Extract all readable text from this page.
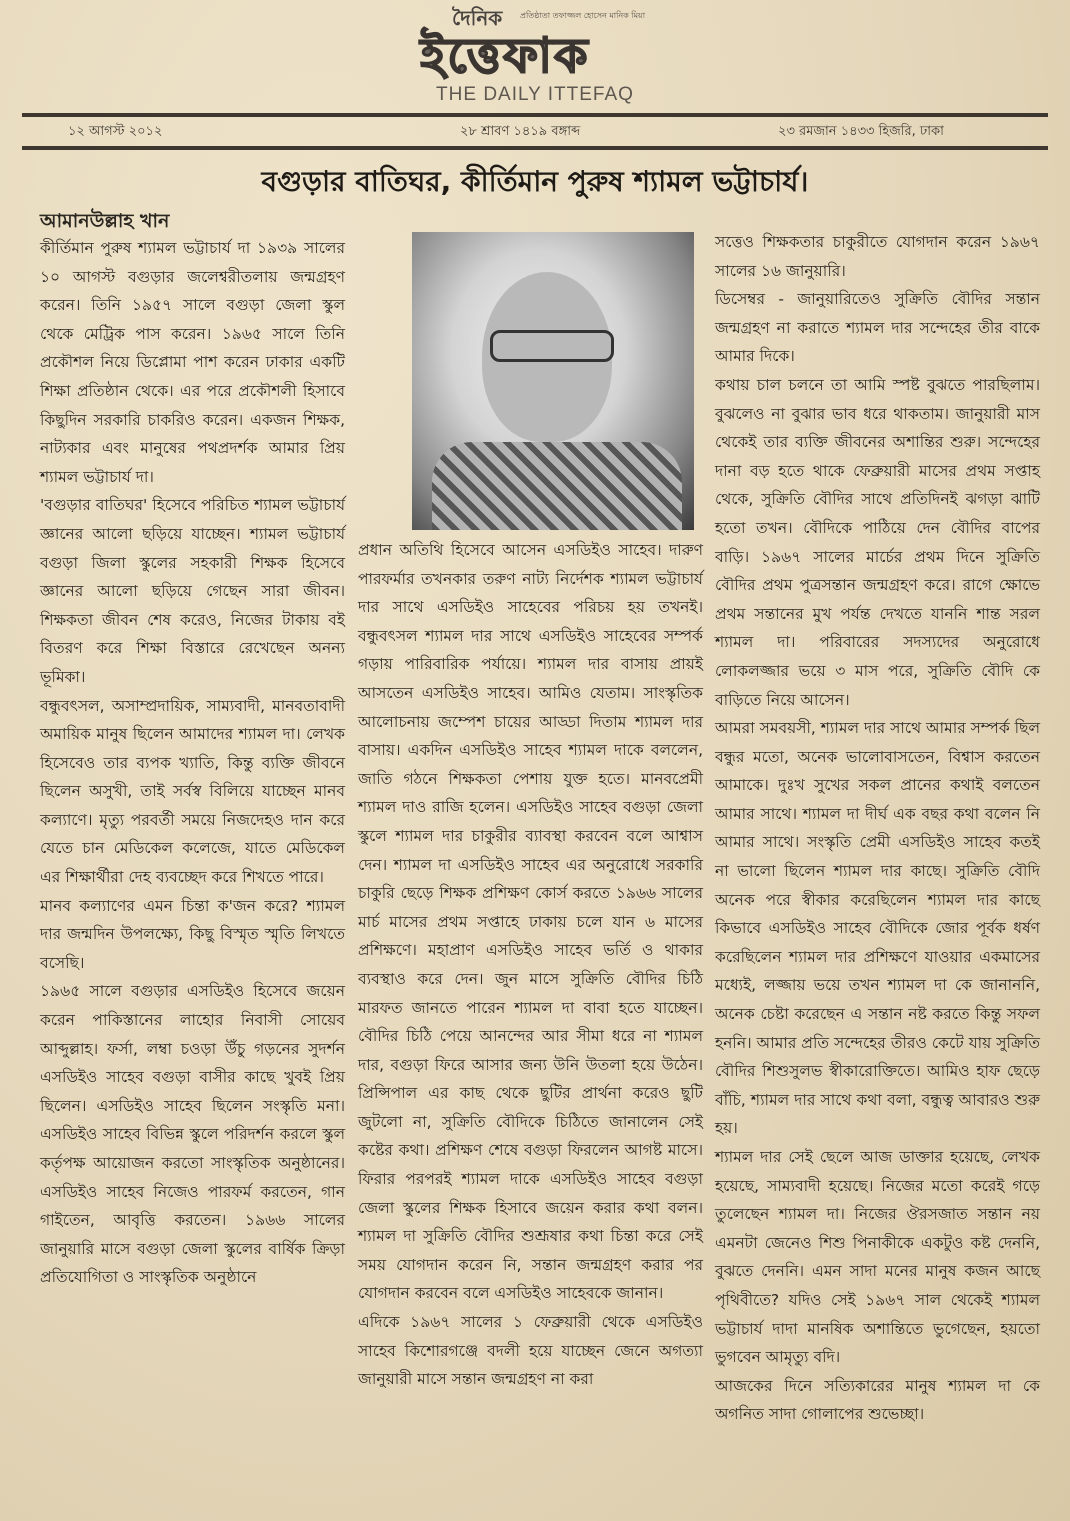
দৈনিক প্রতিষ্ঠাতা তফাজ্জল হোসেন মানিক মিয়া
ইত্তেফাক
THE DAILY ITTEFAQ
১২ আগস্ট ২০১২	২৮ শ্রাবণ ১৪১৯ বঙ্গাব্দ	২৩ রমজান ১৪৩৩ হিজরি, ঢাকা
বগুড়ার বাতিঘর, কীর্তিমান পুরুষ শ্যামল ভট্টাচার্য।

আমানউল্লাহ খান

কীর্তিমান পুরুষ শ্যামল ভট্টাচার্য দা ১৯৩৯ সালের ১০ আগস্ট বগুড়ার জলেশ্বরীতলায় জন্মগ্রহণ করেন। তিনি ১৯৫৭ সালে বগুড়া জেলা স্কুল থেকে মেট্রিক পাস করেন। ১৯৬৫ সালে তিনি প্রকৌশল নিয়ে ডিপ্লোমা পাশ করেন ঢাকার একটি শিক্ষা প্রতিষ্ঠান থেকে। এর পরে প্রকৌশলী হিসাবে কিছুদিন সরকারি চাকরিও করেন। একজন শিক্ষক, নাট্যকার এবং মানুষের পথপ্রদর্শক আমার প্রিয় শ্যামল ভট্টাচার্য দা।

'বগুড়ার বাতিঘর' হিসেবে পরিচিত শ্যামল ভট্টাচার্য জ্ঞানের আলো ছড়িয়ে যাচ্ছেন। শ্যামল ভট্টাচার্য বগুড়া জিলা স্কুলের সহকারী শিক্ষক হিসেবে জ্ঞানের আলো ছড়িয়ে গেছেন সারা জীবন। শিক্ষকতা জীবন শেষ করেও, নিজের টাকায় বই বিতরণ করে শিক্ষা বিস্তারে রেখেছেন অনন্য ভূমিকা।

বন্ধুবৎসল, অসাম্প্রদায়িক, সাম্যবাদী, মানবতাবাদী অমায়িক মানুষ ছিলেন আমাদের শ্যামল দা। লেখক হিসেবেও তার ব্যপক খ্যাতি, কিন্তু ব্যক্তি জীবনে ছিলেন অসুখী, তাই সর্বস্ব বিলিয়ে যাচ্ছেন মানব কল্যাণে। মৃত্যু পরবর্তী সময়ে নিজদেহও দান করে যেতে চান মেডিকেল কলেজে, যাতে মেডিকেল এর শিক্ষার্থীরা দেহ ব্যবচ্ছেদ করে শিখতে পারে।

মানব কল্যাণের এমন চিন্তা ক'জন করে? শ্যামল দার জন্মদিন উপলক্ষ্যে, কিছু বিস্মৃত স্মৃতি লিখতে বসেছি।

১৯৬৫ সালে বগুড়ার এসডিইও হিসেবে জয়েন করেন পাকিস্তানের লাহোর নিবাসী সোয়েব আব্দুল্লাহ। ফর্সা, লম্বা চওড়া উঁচু গড়নের সুদর্শন এসডিইও সাহেব বগুড়া বাসীর কাছে খুবই প্রিয় ছিলেন। এসডিইও সাহেব ছিলেন সংস্কৃতি মনা। এসডিইও সাহেব বিভিন্ন স্কুলে পরিদর্শন করলে স্কুল কর্তৃপক্ষ আয়োজন করতো সাংস্কৃতিক অনুষ্ঠানের। এসডিইও সাহেব নিজেও পারফর্ম করতেন, গান গাইতেন, আবৃত্তি করতেন। ১৯৬৬ সালের জানুয়ারি মাসে বগুড়া জেলা স্কুলের বার্ষিক ক্রিড়া প্রতিযোগিতা ও সাংস্কৃতিক অনুষ্ঠানে

প্রধান অতিথি হিসেবে আসেন এসডিইও সাহেব। দারুণ পারফর্মার তখনকার তরুণ নাট্য নির্দেশক শ্যামল ভট্টাচার্য দার সাথে এসডিইও সাহেবের পরিচয় হয় তখনই। বন্ধুবৎসল শ্যামল দার সাথে এসডিইও সাহেবের সম্পর্ক গড়ায় পারিবারিক পর্যায়ে। শ্যামল দার বাসায় প্রায়ই আসতেন এসডিইও সাহেব। আমিও যেতাম। সাংস্কৃতিক আলোচনায় জম্পেশ চায়ের আড্ডা দিতাম শ্যামল দার বাসায়। একদিন এসডিইও সাহেব শ্যামল দাকে বললেন, জাতি গঠনে শিক্ষকতা পেশায় যুক্ত হতে। মানবপ্রেমী শ্যামল দাও রাজি হলেন। এসডিইও সাহেব বগুড়া জেলা স্কুলে শ্যামল দার চাকুরীর ব্যাবস্থা করবেন বলে আশ্বাস দেন। শ্যামল দা এসডিইও সাহেব এর অনুরোধে সরকারি চাকুরি ছেড়ে শিক্ষক প্রশিক্ষণ কোর্স করতে ১৯৬৬ সালের মার্চ মাসের প্রথম সপ্তাহে ঢাকায় চলে যান ৬ মাসের প্রশিক্ষণে। মহাপ্রাণ এসডিইও সাহেব ভর্তি ও থাকার ব্যবস্থাও করে দেন। জুন মাসে সুক্রিতি বৌদির চিঠি মারফত জানতে পারেন শ্যামল দা বাবা হতে যাচ্ছেন।বৌদির চিঠি পেয়ে আনন্দের আর সীমা ধরে না শ্যামল দার, বগুড়া ফিরে আসার জন্য উনি উতলা হয়ে উঠেন। প্রিন্সিপাল এর কাছ থেকে ছুটির প্রার্থনা করেও ছুটি জুটলো না, সুক্রিতি বৌদিকে চিঠিতে জানালেন সেই কষ্টের কথা। প্রশিক্ষণ শেষে বগুড়া ফিরলেন আগষ্ট মাসে। ফিরার পরপরই শ্যামল দাকে এসডিইও সাহেব বগুড়া জেলা স্কুলের শিক্ষক হিসাবে জয়েন করার কথা বলন। শ্যামল দা সুক্রিতি বৌদির শুশ্রূষার কথা চিন্তা করে সেই সময় যোগদান করেন নি, সন্তান জন্মগ্রহণ করার পর যোগদান করবেন বলে এসডিইও সাহেবকে জানান।

এদিকে ১৯৬৭ সালের ১ ফেব্রুয়ারী থেকে এসডিইও সাহেব কিশোরগঞ্জে বদলী হয়ে যাচ্ছেন জেনে অগত্যা জানুয়ারী মাসে সন্তান জন্মগ্রহণ না করা

সত্তেও শিক্ষকতার চাকুরীতে যোগদান করেন ১৯৬৭ সালের ১৬ জানুয়ারি।

ডিসেম্বর - জানুয়ারিতেও সুক্রিতি বৌদির সন্তান জন্মগ্রহণ না করাতে শ্যামল দার সন্দেহের তীর বাকে আমার দিকে।

কথায় চাল চলনে তা আমি স্পষ্ট বুঝতে পারছিলাম। বুঝলেও না বুঝার ভাব ধরে থাকতাম। জানুয়ারী মাস থেকেই তার ব্যক্তি জীবনের অশান্তির শুরু। সন্দেহের দানা বড় হতে থাকে ফেব্রুয়ারী মাসের প্রথম সপ্তাহ থেকে, সুক্রিতি বৌদির সাথে প্রতিদিনই ঝগড়া ঝাটি হতো তখন। বৌদিকে পাঠিয়ে দেন বৌদির বাপের বাড়ি। ১৯৬৭ সালের মার্চের প্রথম দিনে সুক্রিতি বৌদির প্রথম পুত্রসন্তান জন্মগ্রহণ করে। রাগে ক্ষোভে প্রথম সন্তানের মুখ পর্যন্ত দেখতে যাননি শান্ত সরল শ্যামল দা। পরিবারের সদস্যদের অনুরোধে লোকলজ্জার ভয়ে ৩ মাস পরে, সুক্রিতি বৌদি কে বাড়িতে নিয়ে আসেন।

আমরা সমবয়সী, শ্যামল দার সাথে আমার সম্পর্ক ছিল বন্ধুর মতো, অনেক ভালোবাসতেন, বিশ্বাস করতেন আমাকে। দুঃখ সুখের সকল প্রানের কথাই বলতেন আমার সাথে। শ্যামল দা দীর্ঘ এক বছর কথা বলেন নি আমার সাথে। সংস্কৃতি প্রেমী এসডিইও সাহেব কতই না ভালো ছিলেন শ্যামল দার কাছে। সুক্রিতি বৌদি অনেক পরে স্বীকার করেছিলেন শ্যামল দার কাছে কিভাবে এসডিইও সাহেব বৌদিকে জোর পূর্বক ধর্ষণ করেছিলেন শ্যামল দার প্রশিক্ষণে যাওয়ার একমাসের মধ্যেই, লজ্জায় ভয়ে তখন শ্যামল দা কে জানাননি, অনেক চেষ্টা করেছেন এ সন্তান নষ্ট করতে কিন্তু সফল হননি। আমার প্রতি সন্দেহের তীরও কেটে যায় সুক্রিতি বৌদির শিশুসুলভ স্বীকারোক্তিতে। আমিও হাফ ছেড়ে বাঁচি, শ্যামল দার সাথে কথা বলা, বন্ধুত্ব আবারও শুরু হয়।

শ্যামল দার সেই ছেলে আজ ডাক্তার হয়েছে, লেখক হয়েছে, সাম্যবাদী হয়েছে। নিজের মতো করেই গড়ে তুলেছেন শ্যামল দা। নিজের ঔরসজাত সন্তান নয় এমনটা জেনেও শিশু পিনাকীকে একটুও কষ্ট দেননি, বুঝতে দেননি। এমন সাদা মনের মানুষ কজন আছে পৃথিবীতে? যদিও সেই ১৯৬৭ সাল থেকেই শ্যামল ভট্টাচার্য দাদা মানষিক অশান্তিতে ভুগেছেন, হয়তো ভুগবেন আমৃত্যু বদি।

আজকের দিনে সত্যিকারের মানুষ শ্যামল দা কে অগনিত সাদা গোলাপের শুভেচ্ছা।
